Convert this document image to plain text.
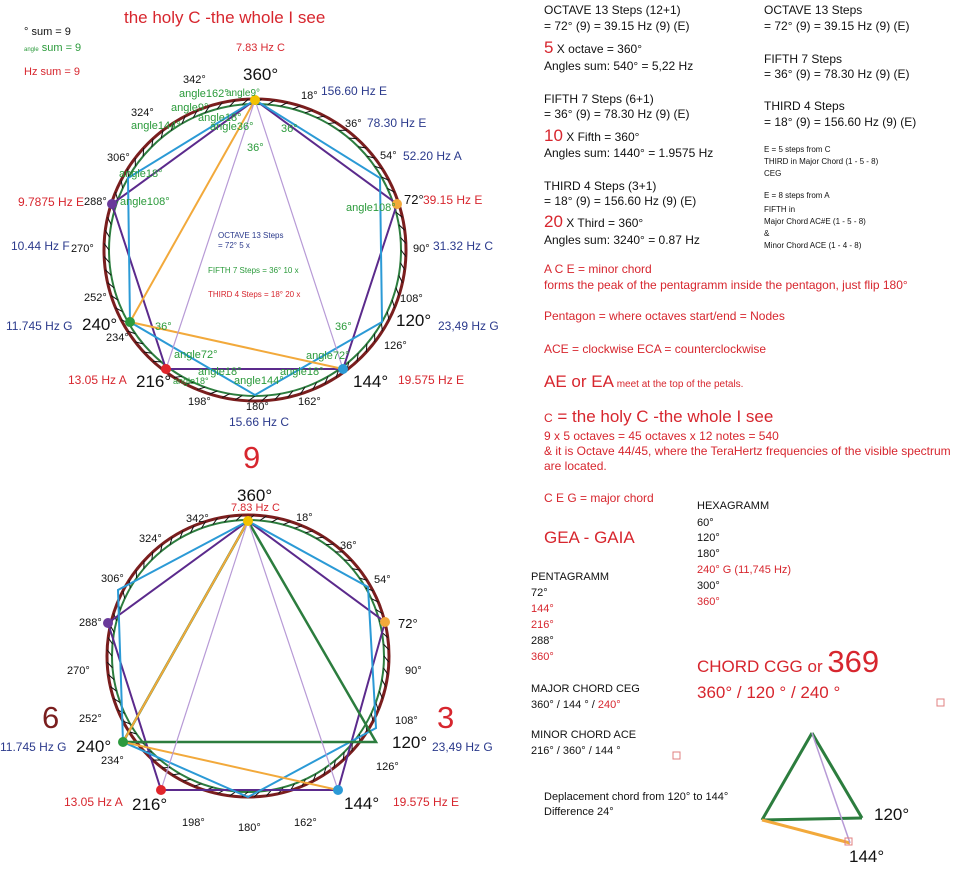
° sum = 9
angle sum = 9
Hz sum = 9
the holy C -the whole I see
7.83 Hz C
360°
18°
36°
54°
72°
90°
108°
120°
126°
144°
162°
180°
198°
216°
234°
240°
252°
270°
288°
306°
324°
342°
156.60 Hz E
78.30 Hz E
52.20 Hz A
39.15 Hz E
31.32 Hz C
23,49 Hz G
19.575 Hz E
15.66 Hz C
13.05 Hz A
11.745 Hz G
10.44 Hz F
9.7875 Hz E
angle162°
angle9°
angle9°
angle18°
angle144°	angle36° 36°
36°
angle18°
angle108°	angle108°
36°	36°
angle72°	angle72°
angle18°	angle18°
angle144°
angle18°
OCTAVE 13 Steps
= 72° 5 x
FIFTH 7 Steps = 36° 10 x
THIRD 4 Steps = 18° 20 x
9
6	3
360°
7.83 Hz C
18°
36°
54°
72°
90°
108°
120°
126°
144°
162°
180°
198°
216°
234°
240°
252°
270°
288°
306°
324°
342°
11.745 Hz G	23,49 Hz G
13.05 Hz A	19.575 Hz E
OCTAVE 13 Steps (12+1)
= 72° (9) = 39.15 Hz (9) (E)
5 X octave = 360°
Angles sum: 540° = 5,22 Hz
FIFTH 7 Steps (6+1)
= 36° (9) = 78.30 Hz (9) (E)
10 X Fifth = 360°
Angles sum: 1440° = 1.9575 Hz
THIRD 4 Steps (3+1)
= 18° (9) = 156.60 Hz (9) (E)
20 X Third = 360°
Angles sum: 3240° = 0.87 Hz
OCTAVE 13 Steps
= 72° (9) = 39.15 Hz (9) (E)
FIFTH 7 Steps
= 36° (9) = 78.30 Hz (9) (E)
THIRD 4 Steps
= 18° (9) = 156.60 Hz (9) (E)
E = 5 steps from C
THIRD in Major Chord (1 - 5 - 8)
CEG
E = 8 steps from A
FIFTH in
Major Chord AC#E (1 - 5 - 8)
&
Minor Chord ACE (1 - 4 - 8)
A C E = minor chord
forms the peak of the pentagramm inside the pentagon, just flip 180°
Pentagon = where octaves start/end = Nodes
ACE = clockwise ECA = counterclockwise
AE or EA meet at the top of the petals.
C = the holy C -the whole I see
9 x 5 octaves = 45 octaves x 12 notes = 540
& it is Octave 44/45, where the TeraHertz frequencies of the visible spectrum
are located.
C E G = major chord
GEA - GAIA
HEXAGRAMM
60°
120°
180°
240° G (11,745 Hz)
300°
360°
PENTAGRAMM
72°
144°
216°
288°
360°
MAJOR CHORD CEG
360° / 144 ° / 240°
MINOR CHORD ACE
216° / 360° / 144 °
CHORD CGG or 369
360° / 120 ° / 240 °
Deplacement chord from 120° to 144°
Difference 24°	120°
144°
